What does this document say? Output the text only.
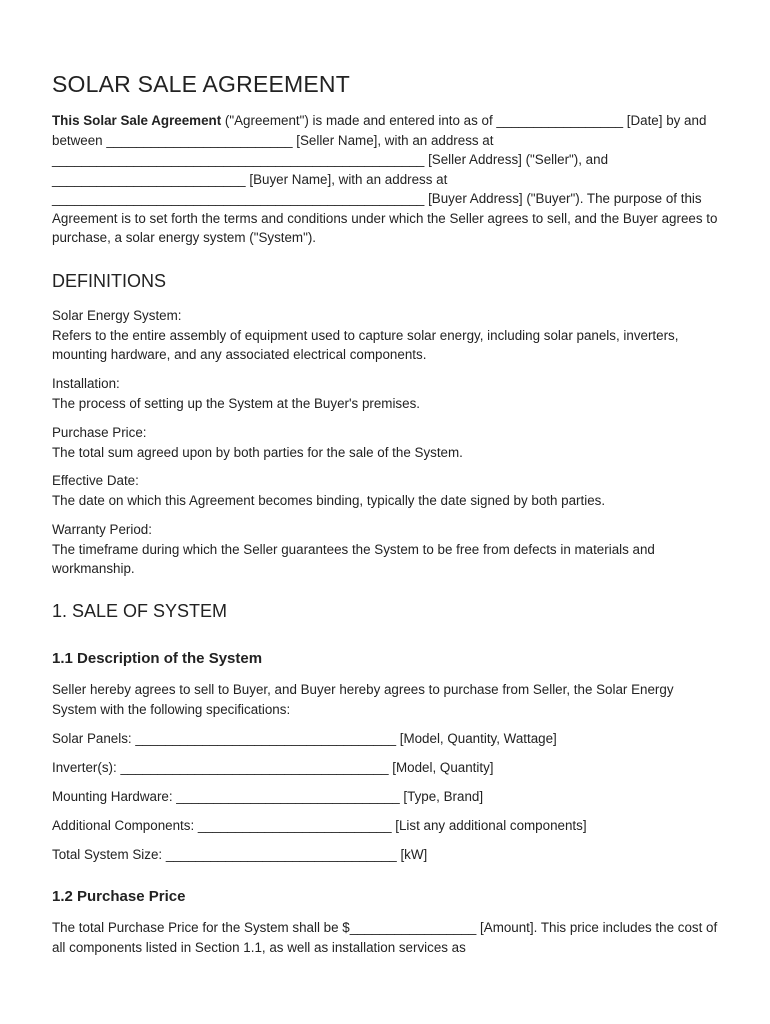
SOLAR SALE AGREEMENT

This Solar Sale Agreement ("Agreement") is made and entered into as of _________________ [Date] by and between _________________________ [Seller Name], with an address at __________________________________________________ [Seller Address] ("Seller"), and __________________________ [Buyer Name], with an address at __________________________________________________ [Buyer Address] ("Buyer"). The purpose of this Agreement is to set forth the terms and conditions under which the Seller agrees to sell, and the Buyer agrees to purchase, a solar energy system ("System").

DEFINITIONS
Solar Energy System:
Refers to the entire assembly of equipment used to capture solar energy, including solar panels, inverters, mounting hardware, and any associated electrical components.
Installation:
The process of setting up the System at the Buyer's premises.
Purchase Price:
The total sum agreed upon by both parties for the sale of the System.
Effective Date:
The date on which this Agreement becomes binding, typically the date signed by both parties.
Warranty Period:
The timeframe during which the Seller guarantees the System to be free from defects in materials and workmanship.
1. SALE OF SYSTEM
1.1 Description of the System

Seller hereby agrees to sell to Buyer, and Buyer hereby agrees to purchase from Seller, the Solar Energy System with the following specifications:

Solar Panels: ___________________________________ [Model, Quantity, Wattage]

Inverter(s): ____________________________________ [Model, Quantity]

Mounting Hardware: ______________________________ [Type, Brand]

Additional Components: __________________________ [List any additional components]

Total System Size: _______________________________ [kW]

1.2 Purchase Price

The total Purchase Price for the System shall be $_________________ [Amount]. This price includes the cost of all components listed in Section 1.1, as well as installation services as
